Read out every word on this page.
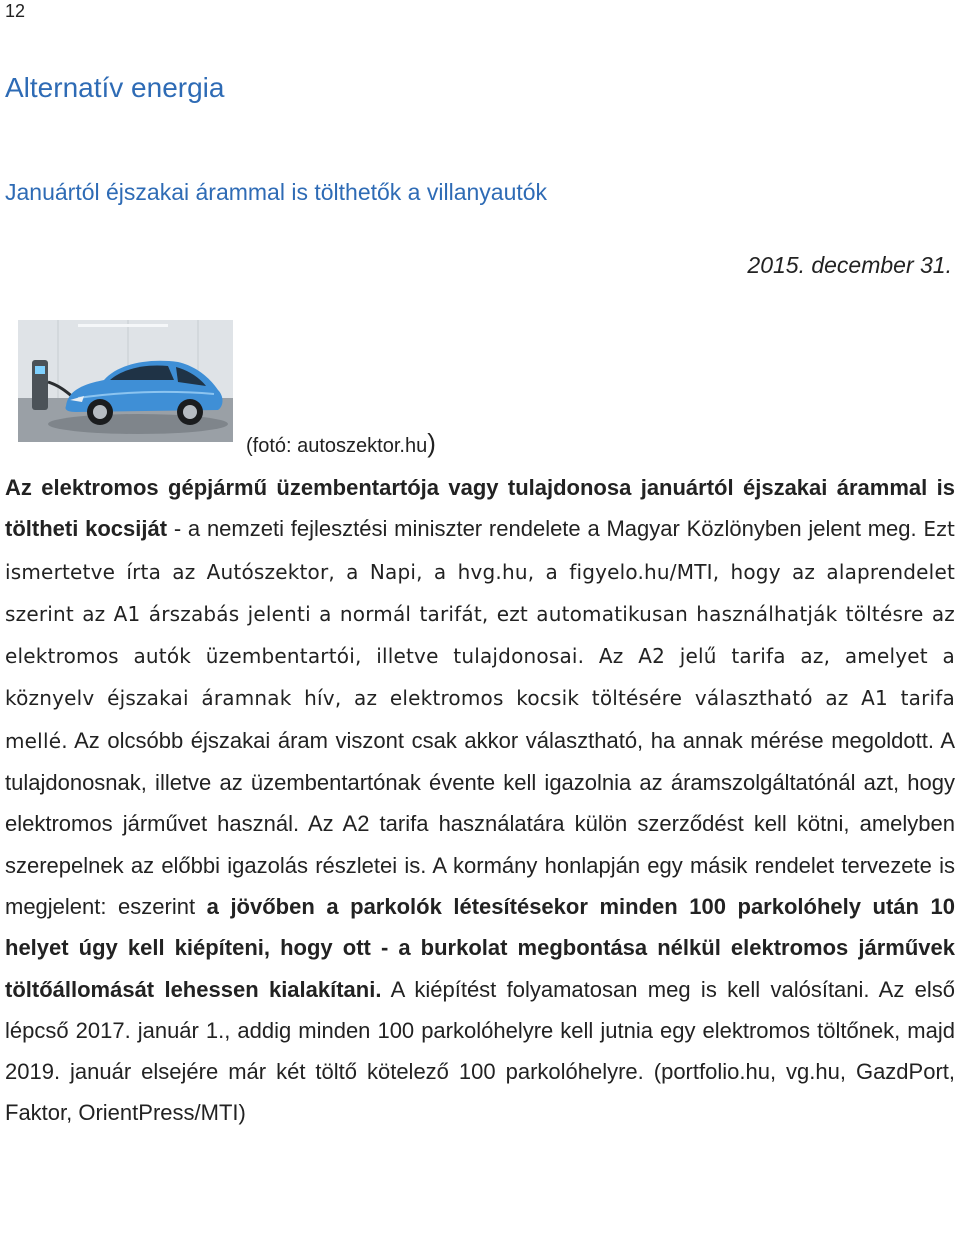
12
Alternatív energia
Januártól éjszakai árammal is tölthetők a villanyautók
2015. december 31.
(fotó: autoszektor.hu)

Az elektromos gépjármű üzembentartója vagy tulajdonosa januártól éjszakai árammal is töltheti kocsiját - a nemzeti fejlesztési miniszter rendelete a Magyar Közlönyben jelent meg. Ezt ismertetve írta az Autószektor, a Napi, a hvg.hu, a figyelo.hu/MTI, hogy az alaprendelet szerint az A1 árszabás jelenti a normál tarifát, ezt automatikusan használhatják töltésre az elektromos autók üzembentartói, illetve tulajdonosai. Az A2 jelű tarifa az, amelyet a köznyelv éjszakai áramnak hív, az elektromos kocsik töltésére választható az A1 tarifa mellé. Az olcsóbb éjszakai áram viszont csak akkor választható, ha annak mérése megoldott. A tulajdonosnak, illetve az üzembentartónak évente kell igazolnia az áramszolgáltatónál azt, hogy elektromos járművet használ. Az A2 tarifa használatára külön szerződést kell kötni, amelyben szerepelnek az előbbi igazolás részletei is. A kormány honlapján egy másik rendelet tervezete is megjelent: eszerint a jövőben a parkolók létesítésekor minden 100 parkolóhely után 10 helyet úgy kell kiépíteni, hogy ott - a burkolat megbontása nélkül elektromos járművek töltőállomását lehessen kialakítani. A kiépítést folyamatosan meg is kell valósítani. Az első lépcső 2017. január 1., addig minden 100 parkolóhelyre kell jutnia egy elektromos töltőnek, majd 2019. január elsejére már két töltő kötelező 100 parkolóhelyre. (portfolio.hu, vg.hu, GazdPort, Faktor, OrientPress/MTI)
